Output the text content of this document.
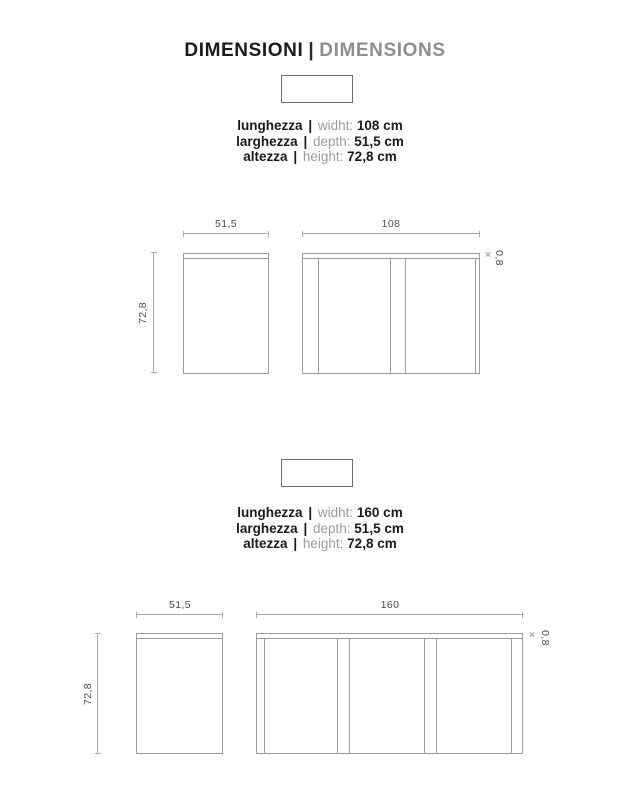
DIMENSIONI | DIMENSIONS
lunghezza | widht: 108 cm
larghezza | depth: 51,5 cm
altezza | height: 72,8 cm
51,5
72,8
108
0,8
lunghezza | widht: 160 cm
larghezza | depth: 51,5 cm
altezza | height: 72,8 cm
51,5
72,8
160
0,8
